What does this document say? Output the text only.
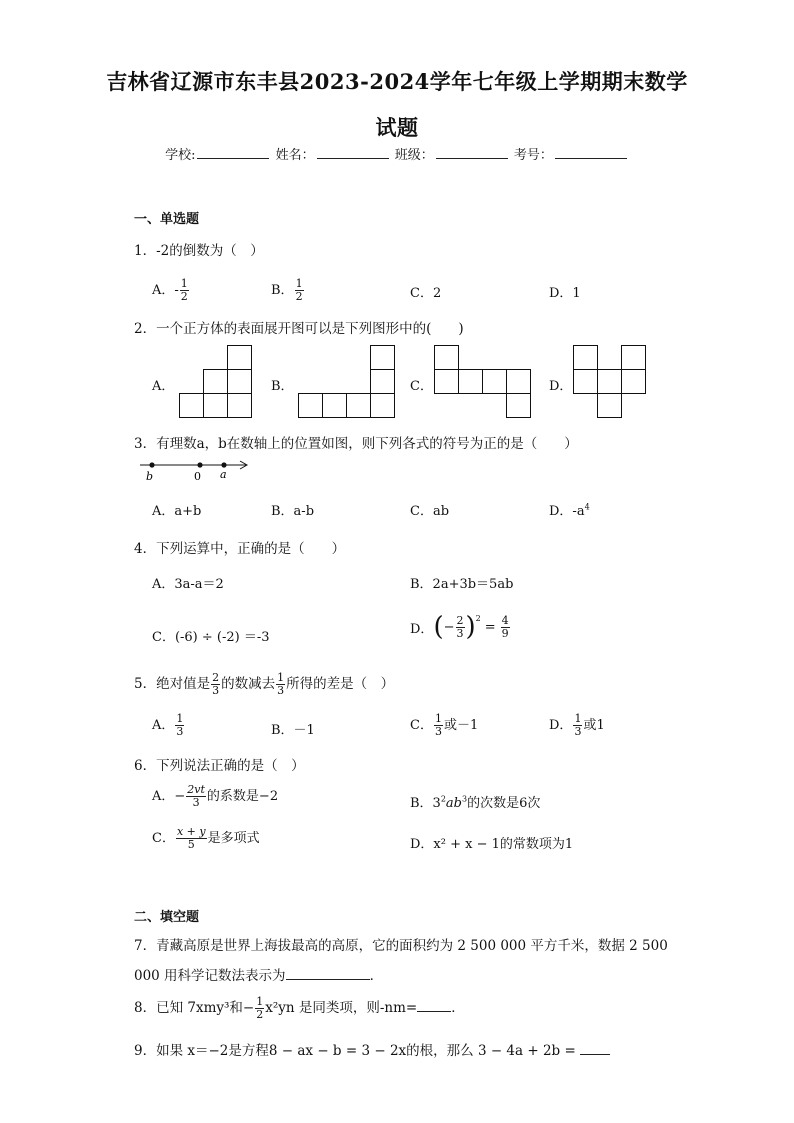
吉林省辽源市东丰县2023-2024学年七年级上学期期末数学
试题
学校:	姓名：	班级：	考号：
一、单选题
1．-2的倒数为（　）
A．- $\frac{1}{2}$	B． $\frac{1}{2}$	C．2	D．1
2．一个正方体的表面展开图可以是下列图形中的(　　)
A．	B．	C．	D．
3．有理数a，b在数轴上的位置如图，则下列各式的符号为正的是（　　）
b	0 a
A．a+b	B．a-b	C．ab	D．$-a^4$
4．下列运算中，正确的是（　　）
A．3a-a＝2	B．2a+3b＝5ab
C．(-6) ÷ (-2) ＝-3
D． ( − $\frac{2}{3} )^2$
= $\frac{4}{9}$
5．绝对值是 $\frac{2}{3}$ 的数减去 $\frac{1}{3}$ 所得的差是（　）
A． $\frac{1}{3}$	B．－1	C． $\frac{1}{3}$ 或－1	D． $\frac{1}{3}$ 或1
6．下列说法正确的是（　）
A．− $\frac{2vt}{3}$ 的系数是−2	B．$3^2ab^3$的次数是6次
C． $\frac{x + y}{5}$ 是多项式	D．x² + x − 1的常数项为1
二、填空题
7．青藏高原是世界上海拔最高的高原，它的面积约为 2 500 000 平方千米，数据 2 500
000 用科学记数法表示为	．
8．已知 7xmy³和− $\frac{1}{2} x^2yn$ 是同类项，则-nm=	．
9．如果 x＝−2是方程8 − ax − b = 3 − 2x的根，那么 3 − 4a + 2b =
